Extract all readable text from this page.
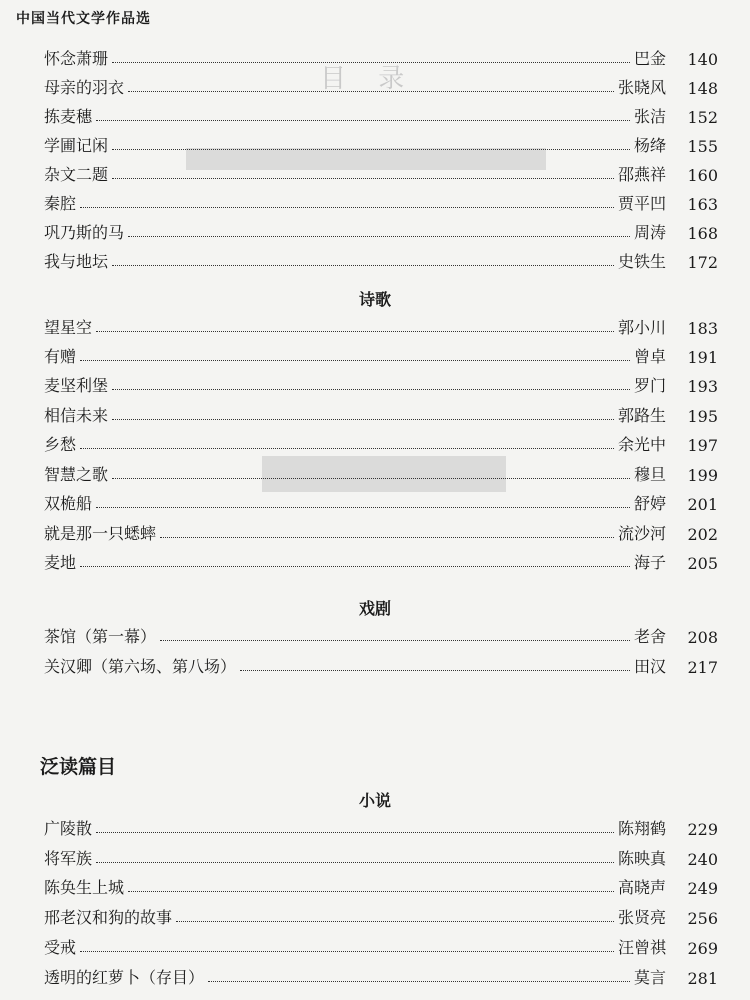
目 录
中国当代文学作品选
怀念萧珊	巴金	140
母亲的羽衣	张晓风	148
拣麦穗	张洁	152
学圃记闲	杨绛	155
杂文二题	邵燕祥	160
秦腔	贾平凹	163
巩乃斯的马	周涛	168
我与地坛	史铁生	172
诗歌
望星空	郭小川	183
有赠	曾卓	191
麦坚利堡	罗门	193
相信未来	郭路生	195
乡愁	余光中	197
智慧之歌	穆旦	199
双桅船	舒婷	201
就是那一只蟋蟀	流沙河	202
麦地	海子	205
戏剧
茶馆（第一幕）	老舍	208
关汉卿（第六场、第八场）	田汉	217
泛读篇目
小说
广陵散	陈翔鹤	229
将军族	陈映真	240
陈奂生上城	高晓声	249
邢老汉和狗的故事	张贤亮	256
受戒	汪曾祺	269
透明的红萝卜（存目）	莫言	281
